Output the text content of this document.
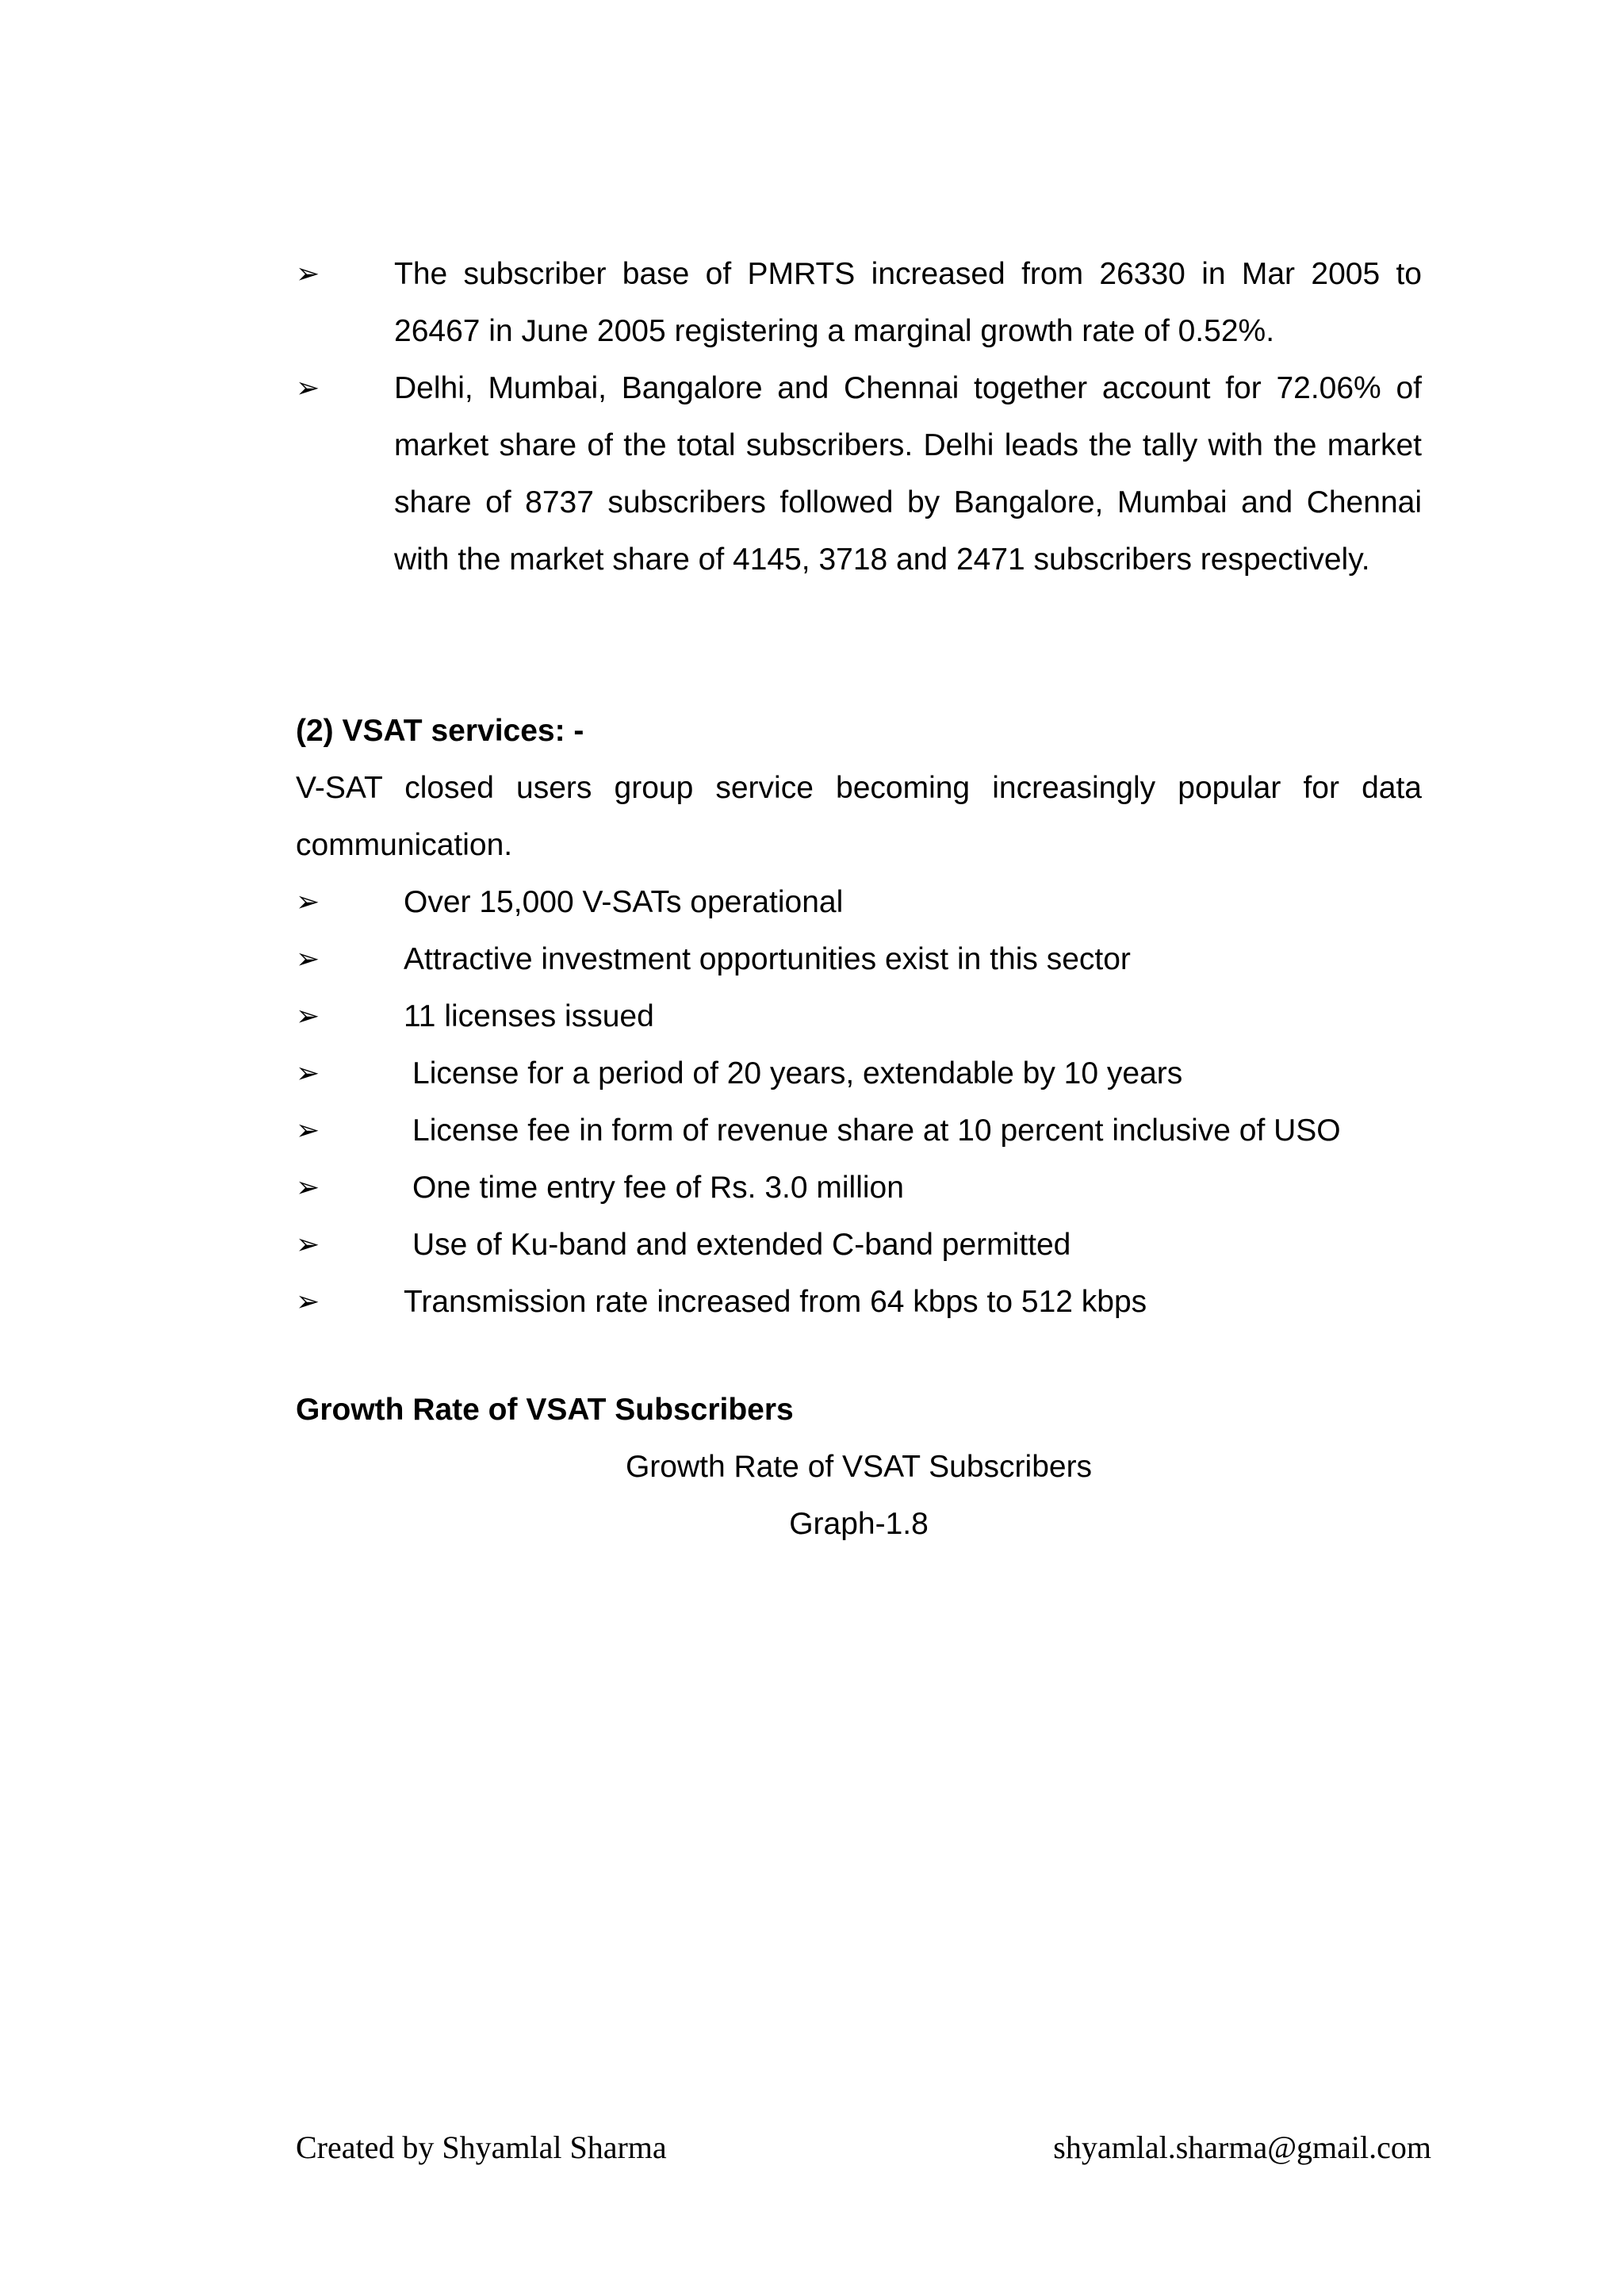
➢ The subscriber base of PMRTS increased from 26330 in Mar 2005 to 26467 in June 2005 registering a marginal growth rate of 0.52%.
➢ Delhi, Mumbai, Bangalore and Chennai together account for 72.06% of market share of the total subscribers. Delhi leads the tally with the market share of 8737 subscribers followed by Bangalore, Mumbai and Chennai with the market share of 4145, 3718 and 2471 subscribers respectively.
(2) VSAT services: -
V-SAT closed users group service becoming increasingly popular for data communication.
➢	Over 15,000 V-SATs operational
➢	Attractive investment opportunities exist in this sector
➢	11 licenses issued
➢	License for a period of 20 years, extendable by 10 years
➢	License fee in form of revenue share at 10 percent inclusive of USO
➢	One time entry fee of Rs. 3.0 million
➢	Use of Ku-band and extended C-band permitted
➢	Transmission rate increased from 64 kbps to 512 kbps
Growth Rate of VSAT Subscribers
Growth Rate of VSAT Subscribers
Graph-1.8
Created by Shyamlal Sharma	shyamlal.sharma@gmail.com
